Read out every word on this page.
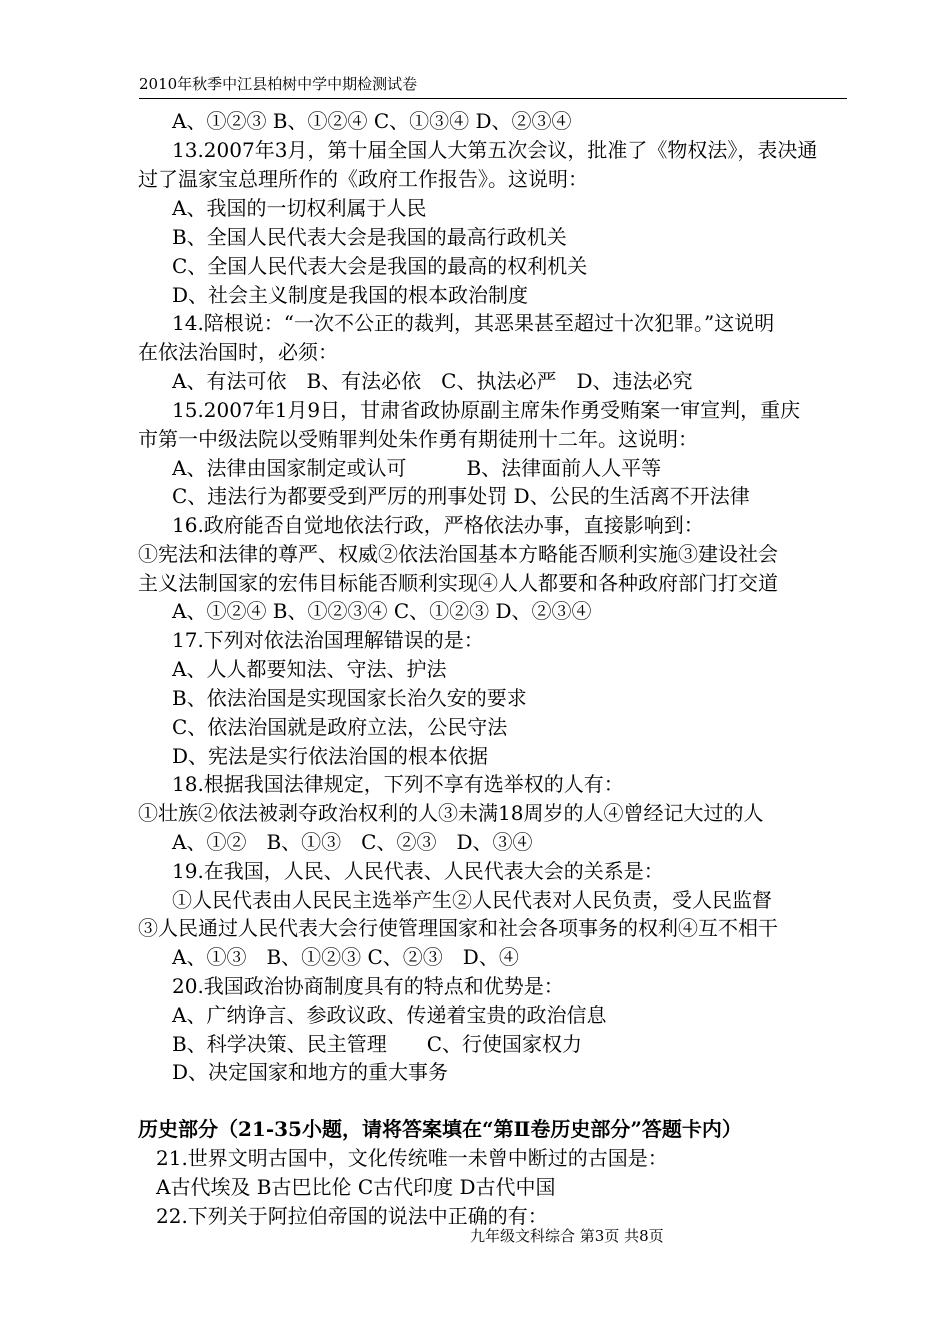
2010年秋季中江县柏树中学中期检测试卷
A、①②③ B、①②④ C、①③④ D、②③④
13.2007年3月，第十届全国人大第五次会议，批准了《物权法》，表决通
过了温家宝总理所作的《政府工作报告》。这说明：
A、我国的一切权利属于人民
B、全国人民代表大会是我国的最高行政机关
C、全国人民代表大会是我国的最高的权利机关
D、社会主义制度是我国的根本政治制度
14.陪根说：“一次不公正的裁判，其恶果甚至超过十次犯罪。”这说明
在依法治国时，必须：
A、有法可依　B、有法必依　C、执法必严　D、违法必究
15.2007年1月9日，甘肃省政协原副主席朱作勇受贿案一审宣判，重庆
市第一中级法院以受贿罪判处朱作勇有期徒刑十二年。这说明：
A、法律由国家制定或认可　　　B、法律面前人人平等
C、违法行为都要受到严厉的刑事处罚 D、公民的生活离不开法律
16.政府能否自觉地依法行政，严格依法办事，直接影响到：
①宪法和法律的尊严、权威②依法治国基本方略能否顺利实施③建设社会
主义法制国家的宏伟目标能否顺利实现④人人都要和各种政府部门打交道
A、①②④ B、①②③④ C、①②③ D、②③④
17.下列对依法治国理解错误的是：
A、人人都要知法、守法、护法
B、依法治国是实现国家长治久安的要求
C、依法治国就是政府立法，公民守法
D、宪法是实行依法治国的根本依据
18.根据我国法律规定，下列不享有选举权的人有：
①壮族②依法被剥夺政治权利的人③未满18周岁的人④曾经记大过的人
A、①②　B、①③　C、②③　D、③④
19.在我国，人民、人民代表、人民代表大会的关系是：
①人民代表由人民民主选举产生②人民代表对人民负责，受人民监督
③人民通过人民代表大会行使管理国家和社会各项事务的权利④互不相干
A、①③　B、①②③ C、②③　D、④
20.我国政治协商制度具有的特点和优势是：
A、广纳诤言、参政议政、传递着宝贵的政治信息
B、科学决策、民主管理　　C、行使国家权力
D、决定国家和地方的重大事务
历史部分（21-35小题，请将答案填在“第Ⅱ卷历史部分”答题卡内）
21.世界文明古国中，文化传统唯一未曾中断过的古国是：
A古代埃及 B古巴比伦 C古代印度 D古代中国
22.下列关于阿拉伯帝国的说法中正确的有：
九年级文科综合 第3页 共8页
